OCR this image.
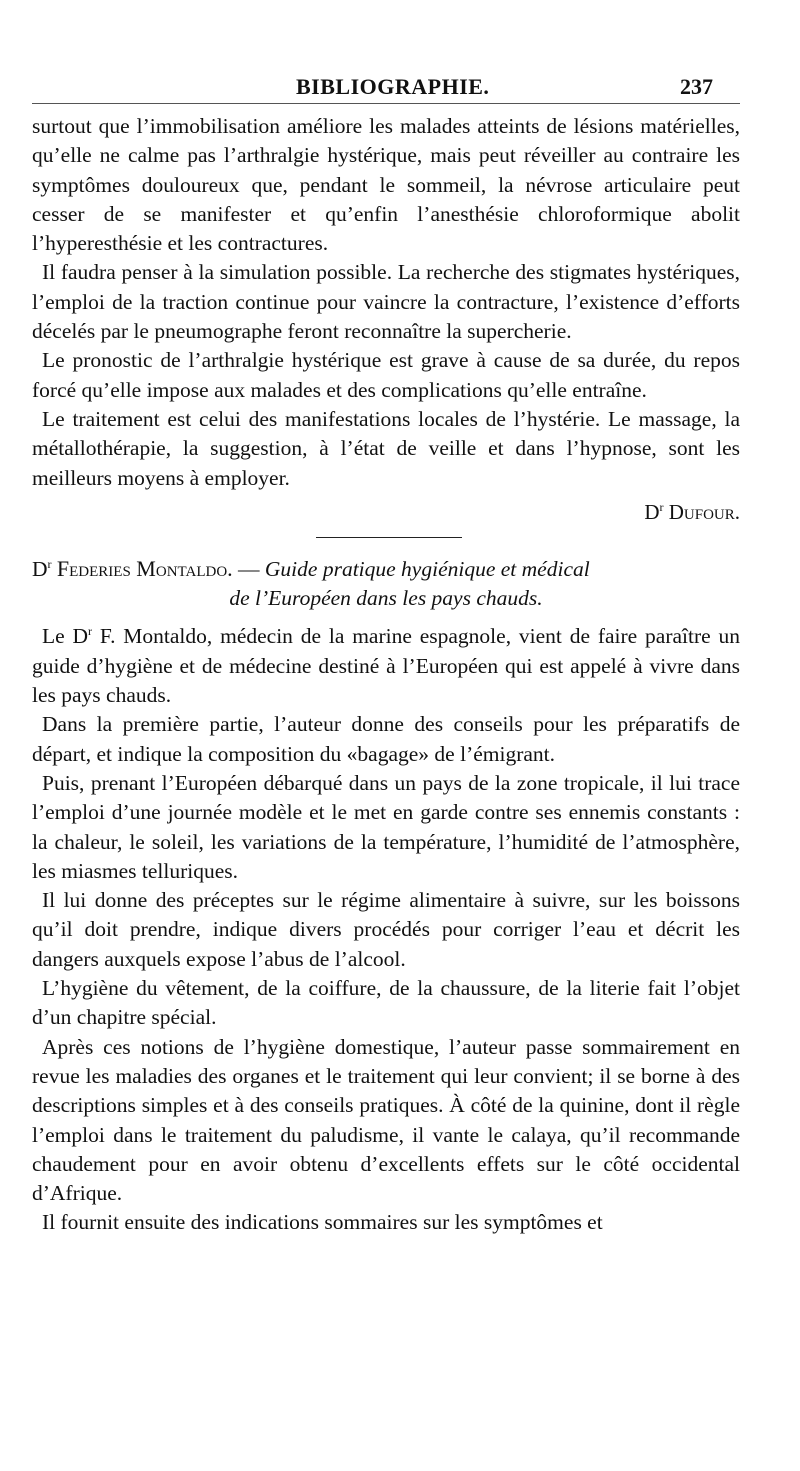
BIBLIOGRAPHIE.	237

surtout que l’immobilisation améliore les malades atteints de lésions matérielles, qu’elle ne calme pas l’arthralgie hystérique, mais peut réveiller au contraire les symptômes douloureux que, pendant le sommeil, la névrose articulaire peut cesser de se manifester et qu’enfin l’anesthésie chloroformique abolit l’hyperesthésie et les contractures.

Il faudra penser à la simulation possible. La recherche des stigmates hystériques, l’emploi de la traction continue pour vaincre la contracture, l’existence d’efforts décelés par le pneumographe feront reconnaître la supercherie.

Le pronostic de l’arthralgie hystérique est grave à cause de sa durée, du repos forcé qu’elle impose aux malades et des complications qu’elle entraîne.

Le traitement est celui des manifestations locales de l’hystérie. Le massage, la métallothérapie, la suggestion, à l’état de veille et dans l’hypnose, sont les meilleurs moyens à employer.

$D^r$ Dufour.

$D^r$ Federies Montaldo. — Guide pratique hygiénique et médical
de l’Européen dans les pays chauds.

Le $D^r$ F. Montaldo, médecin de la marine espagnole, vient de faire paraître un guide d’hygiène et de médecine destiné à l’Européen qui est appelé à vivre dans les pays chauds.

Dans la première partie, l’auteur donne des conseils pour les préparatifs de départ, et indique la composition du «bagage» de l’émigrant.

Puis, prenant l’Européen débarqué dans un pays de la zone tropicale, il lui trace l’emploi d’une journée modèle et le met en garde contre ses ennemis constants : la chaleur, le soleil, les variations de la température, l’humidité de l’atmosphère, les miasmes telluriques.

Il lui donne des préceptes sur le régime alimentaire à suivre, sur les boissons qu’il doit prendre, indique divers procédés pour corriger l’eau et décrit les dangers auxquels expose l’abus de l’alcool.

L’hygiène du vêtement, de la coiffure, de la chaussure, de la literie fait l’objet d’un chapitre spécial.

Après ces notions de l’hygiène domestique, l’auteur passe sommairement en revue les maladies des organes et le traitement qui leur convient; il se borne à des descriptions simples et à des conseils pratiques. À côté de la quinine, dont il règle l’emploi dans le traitement du paludisme, il vante le calaya, qu’il recommande chaudement pour en avoir obtenu d’excellents effets sur le côté occidental d’Afrique.

Il fournit ensuite des indications sommaires sur les symptômes et
